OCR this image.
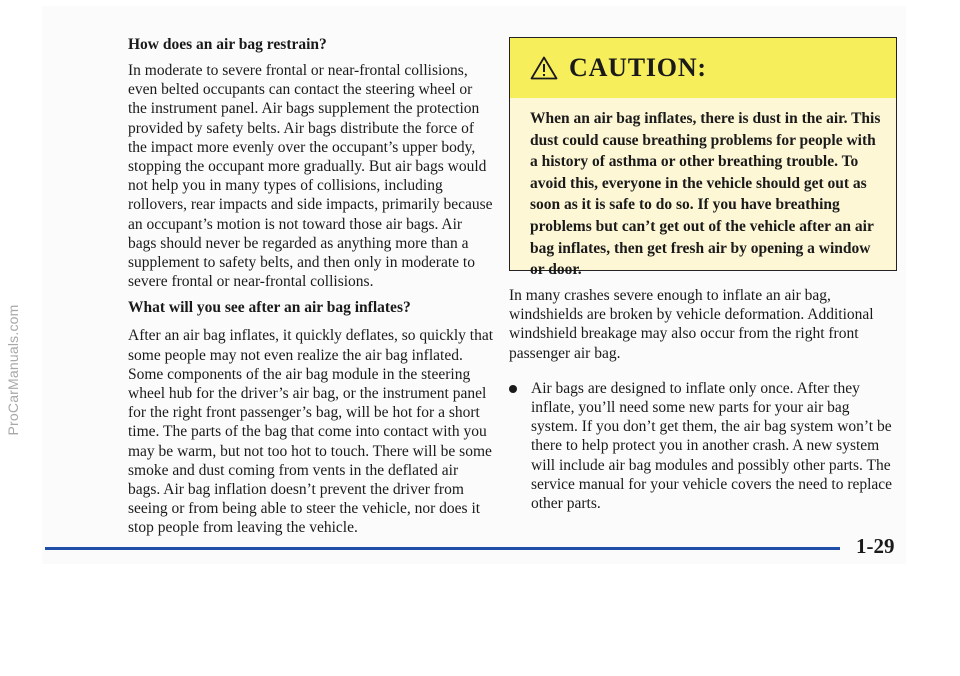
ProCarManuals.com
How does an air bag restrain?

In moderate to severe frontal or near-frontal collisions, even belted occupants can contact the steering wheel or the instrument panel. Air bags supplement the protection provided by safety belts. Air bags distribute the force of the impact more evenly over the occupant’s upper body, stopping the occupant more gradually. But air bags would not help you in many types of collisions, including rollovers, rear impacts and side impacts, primarily because an occupant’s motion is not toward those air bags. Air bags should never be regarded as anything more than a supplement to safety belts, and then only in moderate to severe frontal or near-frontal collisions.

What will you see after an air bag inflates?

After an air bag inflates, it quickly deflates, so quickly that some people may not even realize the air bag inflated. Some components of the air bag module in the steering wheel hub for the driver’s air bag, or the instrument panel for the right front passenger’s bag, will be hot for a short time. The parts of the bag that come into contact with you may be warm, but not too hot to touch. There will be some smoke and dust coming from vents in the deflated air bags. Air bag inflation doesn’t prevent the driver from seeing or from being able to steer the vehicle, nor does it stop people from leaving the vehicle.

CAUTION:
When an air bag inflates, there is dust in the air. This dust could cause breathing problems for people with a history of asthma or other breathing trouble. To avoid this, everyone in the vehicle should get out as soon as it is safe to do so. If you have breathing problems but can’t get out of the vehicle after an air bag inflates, then get fresh air by opening a window or door.

In many crashes severe enough to inflate an air bag, windshields are broken by vehicle deformation. Additional windshield breakage may also occur from the right front passenger air bag.

Air bags are designed to inflate only once. After they inflate, you’ll need some new parts for your air bag system. If you don’t get them, the air bag system won’t be there to help protect you in another crash. A new system will include air bag modules and possibly other parts. The service manual for your vehicle covers the need to replace other parts.

1-29
